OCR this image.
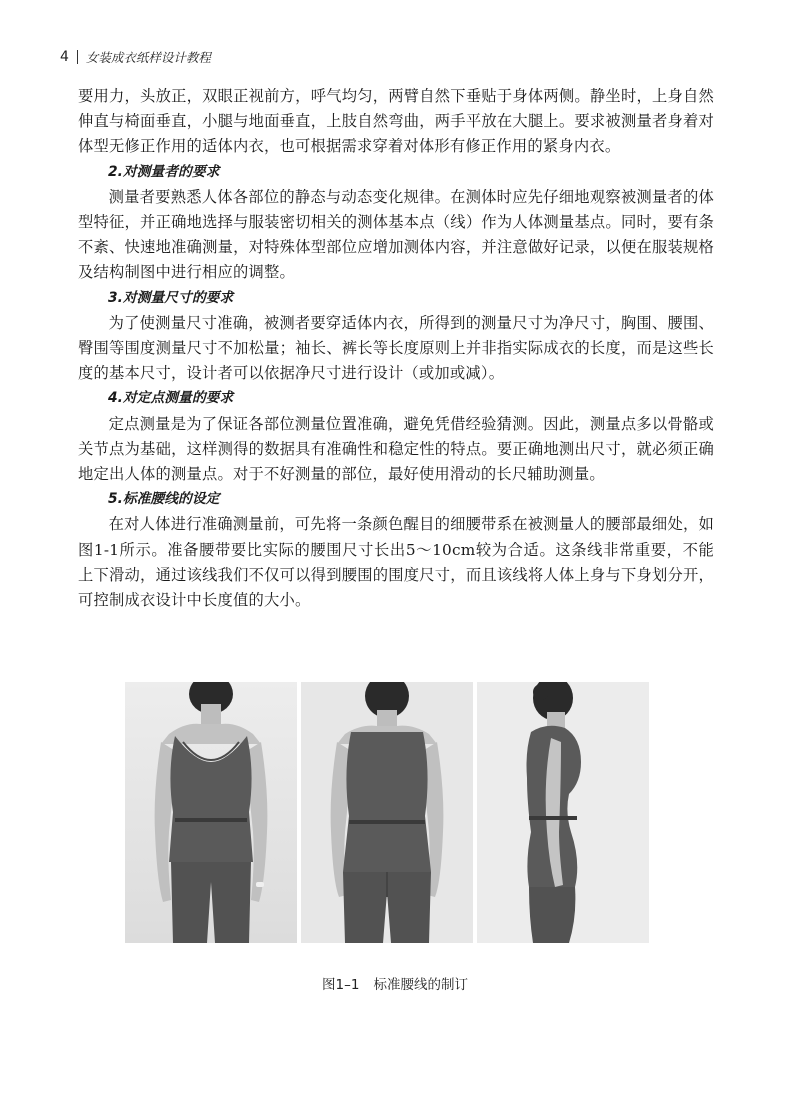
4 女装成衣纸样设计教程

要用力，头放正，双眼正视前方，呼气均匀，两臂自然下垂贴于身体两侧。静坐时，上身自然伸直与椅面垂直，小腿与地面垂直，上肢自然弯曲，两手平放在大腿上。要求被测量者身着对体型无修正作用的适体内衣，也可根据需求穿着对体形有修正作用的紧身内衣。

2.对测量者的要求

测量者要熟悉人体各部位的静态与动态变化规律。在测体时应先仔细地观察被测量者的体型特征，并正确地选择与服装密切相关的测体基本点（线）作为人体测量基点。同时，要有条不紊、快速地准确测量，对特殊体型部位应增加测体内容，并注意做好记录，以便在服装规格及结构制图中进行相应的调整。

3.对测量尺寸的要求

为了使测量尺寸准确，被测者要穿适体内衣，所得到的测量尺寸为净尺寸，胸围、腰围、臀围等围度测量尺寸不加松量；袖长、裤长等长度原则上并非指实际成衣的长度，而是这些长度的基本尺寸，设计者可以依据净尺寸进行设计（或加或减）。

4.对定点测量的要求

定点测量是为了保证各部位测量位置准确，避免凭借经验猜测。因此，测量点多以骨骼或关节点为基础，这样测得的数据具有准确性和稳定性的特点。要正确地测出尺寸，就必须正确地定出人体的测量点。对于不好测量的部位，最好使用滑动的长尺辅助测量。

5.标准腰线的设定

在对人体进行准确测量前，可先将一条颜色醒目的细腰带系在被测量人的腰部最细处，如图1-1所示。准备腰带要比实际的腰围尺寸长出5～10cm较为合适。这条线非常重要，不能上下滑动，通过该线我们不仅可以得到腰围的围度尺寸，而且该线将人体上身与下身划分开，可控制成衣设计中长度值的大小。

图1–1 标准腰线的制订
